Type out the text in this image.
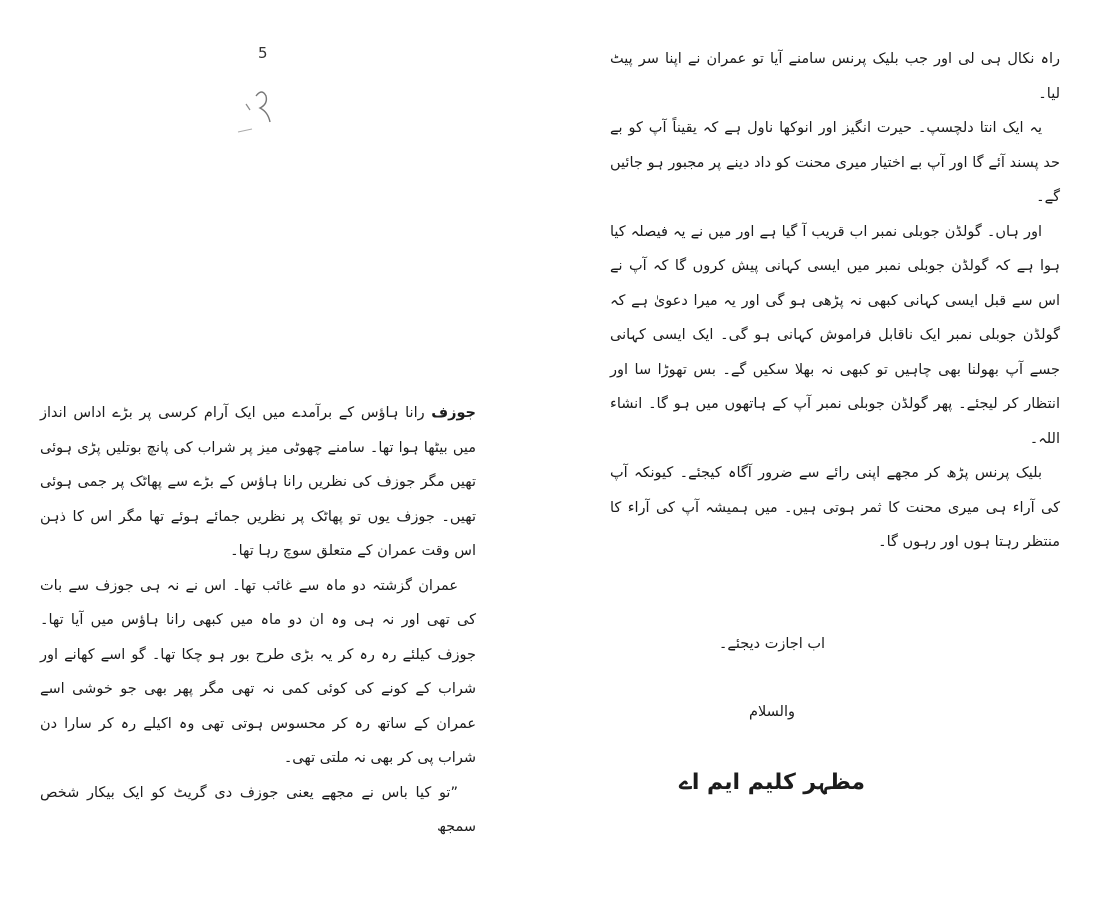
5

جوزف رانا ہاؤس کے برآمدے میں ایک آرام کرسی پر بڑے اداس انداز میں بیٹھا ہوا تھا۔ سامنے چھوٹی میز پر شراب کی پانچ بوتلیں پڑی ہوئی تھیں مگر جوزف کی نظریں رانا ہاؤس کے بڑے سے پھاٹک پر جمی ہوئی تھیں۔ جوزف یوں تو پھاٹک پر نظریں جمائے ہوئے تھا مگر اس کا ذہن اس وقت عمران کے متعلق سوچ رہا تھا۔

عمران گزشتہ دو ماہ سے غائب تھا۔ اس نے نہ ہی جوزف سے بات کی تھی اور نہ ہی وہ ان دو ماہ میں کبھی رانا ہاؤس میں آیا تھا۔ جوزف کیلئے رہ رہ کر یہ بڑی طرح بور ہو چکا تھا۔ گو اسے کھانے اور شراب کے کونے کی کوئی کمی نہ تھی مگر پھر بھی جو خوشی اسے عمران کے ساتھ رہ کر محسوس ہوتی تھی وہ اکیلے رہ کر سارا دن شراب پی کر بھی نہ ملتی تھی۔

”تو کیا باس نے مجھے یعنی جوزف دی گریٹ کو ایک بیکار شخص سمجھ

راہ نکال ہی لی اور جب بلیک پرنس سامنے آیا تو عمران نے اپنا سر پیٹ لیا۔

یہ ایک انتا دلچسپ۔ حیرت انگیز اور انوکھا ناول ہے کہ یقیناً آپ کو بے حد پسند آئے گا اور آپ بے اختیار میری محنت کو داد دینے پر مجبور ہو جائیں گے۔

اور ہاں۔ گولڈن جوبلی نمبر اب قریب آ گیا ہے اور میں نے یہ فیصلہ کیا ہوا ہے کہ گولڈن جوبلی نمبر میں ایسی کہانی پیش کروں گا کہ آپ نے اس سے قبل ایسی کہانی کبھی نہ پڑھی ہو گی اور یہ میرا دعویٰ ہے کہ گولڈن جوبلی نمبر ایک ناقابل فراموش کہانی ہو گی۔ ایک ایسی کہانی جسے آپ بھولنا بھی چاہیں تو کبھی نہ بھلا سکیں گے۔ بس تھوڑا سا اور انتظار کر لیجئے۔ پھر گولڈن جوبلی نمبر آپ کے ہاتھوں میں ہو گا۔ انشاء اللہ۔

بلیک پرنس پڑھ کر مجھے اپنی رائے سے ضرور آگاہ کیجئے۔ کیونکہ آپ کی آراء ہی میری محنت کا ثمر ہوتی ہیں۔ میں ہمیشہ آپ کی آراء کا منتظر رہتا ہوں اور رہوں گا۔

اب اجازت دیجئے۔
والسلام
مظہر کلیم ایم اے
